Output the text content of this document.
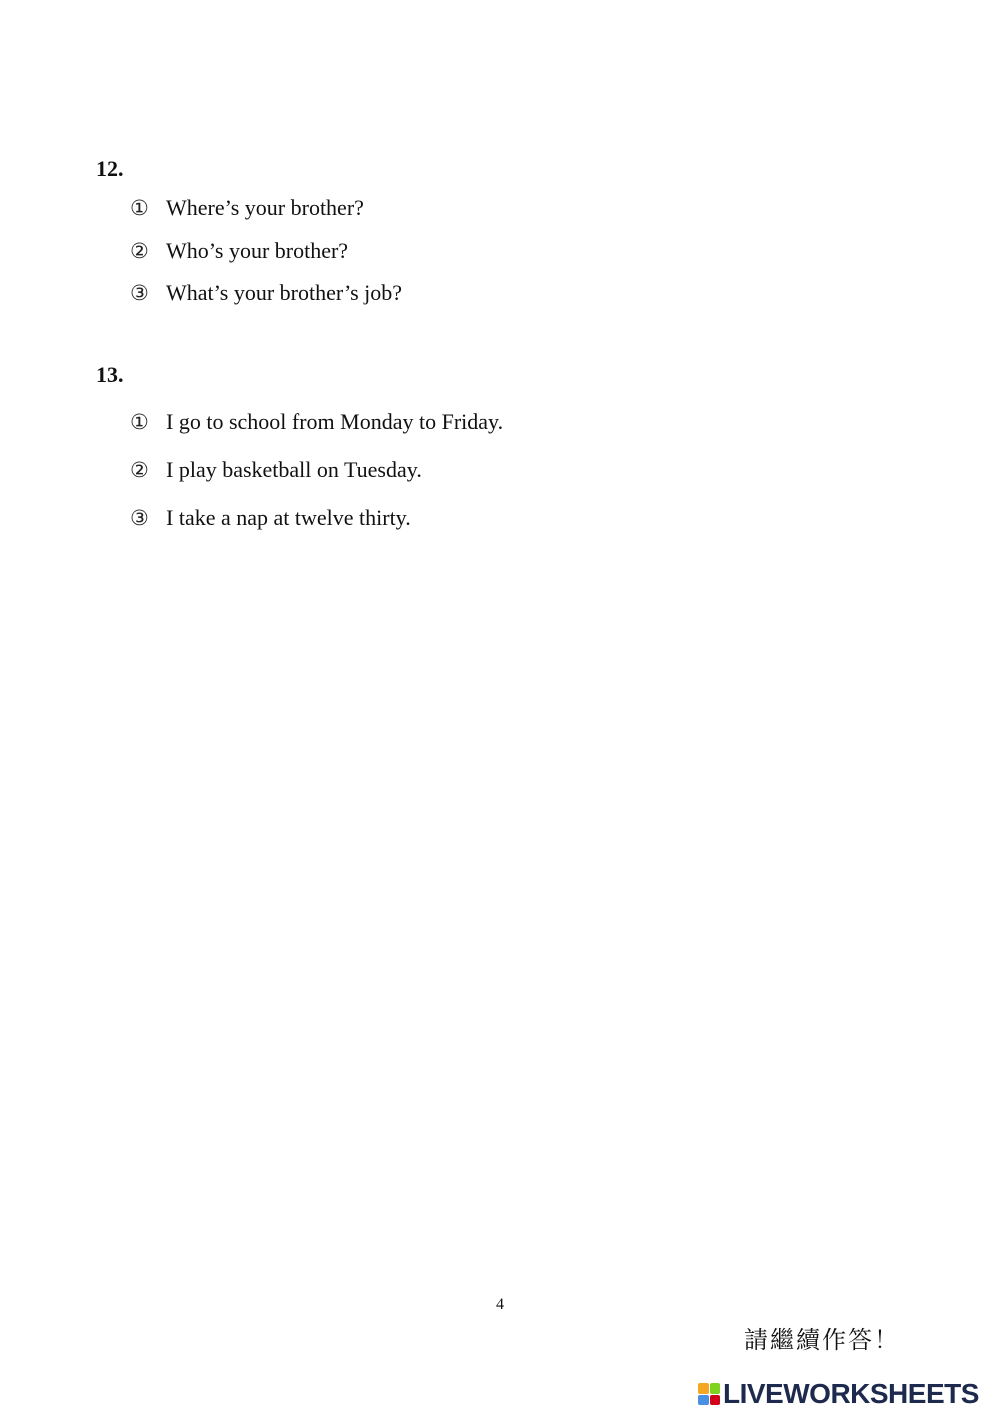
12.
① Where’s your brother?
② Who’s your brother?
③ What’s your brother’s job?
13.
① I go to school from Monday to Friday.
② I play basketball on Tuesday.
③ I take a nap at twelve thirty.
4
請繼續作答！
LIVEWORKSHEETS
